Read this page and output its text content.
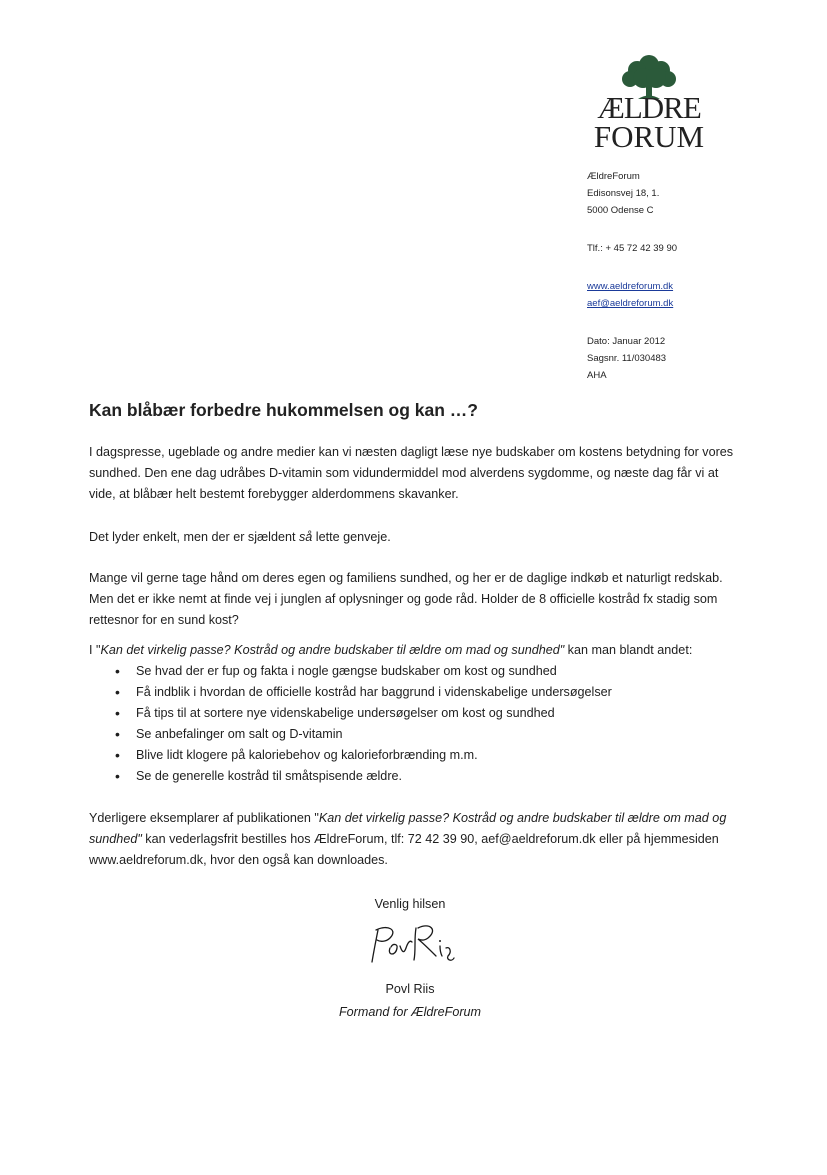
ÆLDRE
FORUM
ÆldreForum
Edisonsvej 18, 1.
5000 Odense C
Tlf.: + 45 72 42 39 90
www.aeldreforum.dk
aef@aeldreforum.dk
Dato: Januar 2012
Sagsnr. 11/030483
AHA
Kan blåbær forbedre hukommelsen og kan …?

I dagspresse, ugeblade og andre medier kan vi næsten dagligt læse nye budskaber om kostens betydning for vores sundhed. Den ene dag udråbes D-vitamin som vidundermiddel mod alverdens sygdomme, og næste dag får vi at vide, at blåbær helt bestemt forebygger alderdommens skavanker.

Det lyder enkelt, men der er sjældent så lette genveje.

Mange vil gerne tage hånd om deres egen og familiens sundhed, og her er de daglige indkøb et naturligt redskab. Men det er ikke nemt at finde vej i junglen af oplysninger og gode råd. Holder de 8 officielle kostråd fx stadig som rettesnor for en sund kost?

I "Kan det virkelig passe? Kostråd og andre budskaber til ældre om mad og sundhed" kan man blandt andet:

• Se hvad der er fup og fakta i nogle gængse budskaber om kost og sundhed
• Få indblik i hvordan de officielle kostråd har baggrund i videnskabelige undersøgelser
• Få tips til at sortere nye videnskabelige undersøgelser om kost og sundhed
• Se anbefalinger om salt og D-vitamin
• Blive lidt klogere på kaloriebehov og kalorieforbrænding m.m.
• Se de generelle kostråd til småtspisende ældre.

Yderligere eksemplarer af publikationen "Kan det virkelig passe? Kostråd og andre budskaber til ældre om mad og sundhed" kan vederlagsfrit bestilles hos ÆldreForum, tlf: 72 42 39 90, aef@aeldreforum.dk eller på hjemmesiden www.aeldreforum.dk, hvor den også kan downloades.

Venlig hilsen
Povl Riis
Formand for ÆldreForum
